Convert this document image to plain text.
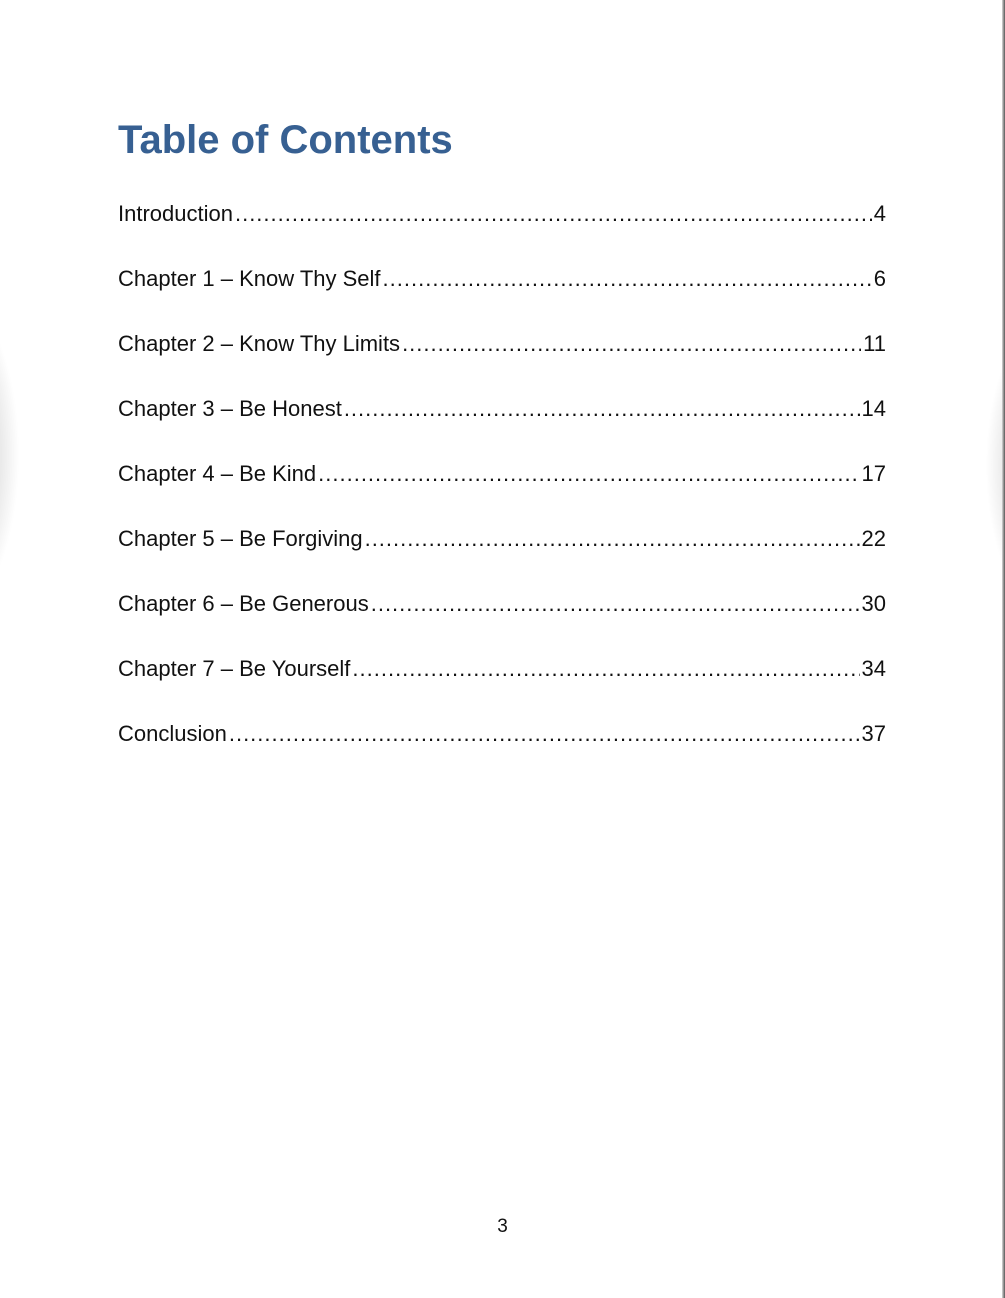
Table of Contents
Introduction .....	4
Chapter 1 – Know Thy Self .....	6
Chapter 2 – Know Thy Limits .....	11
Chapter 3 – Be Honest .....	14
Chapter 4 – Be Kind .....	17
Chapter 5 – Be Forgiving .....	22
Chapter 6 – Be Generous .....	30
Chapter 7 – Be Yourself .....	34
Conclusion .....	37
3
